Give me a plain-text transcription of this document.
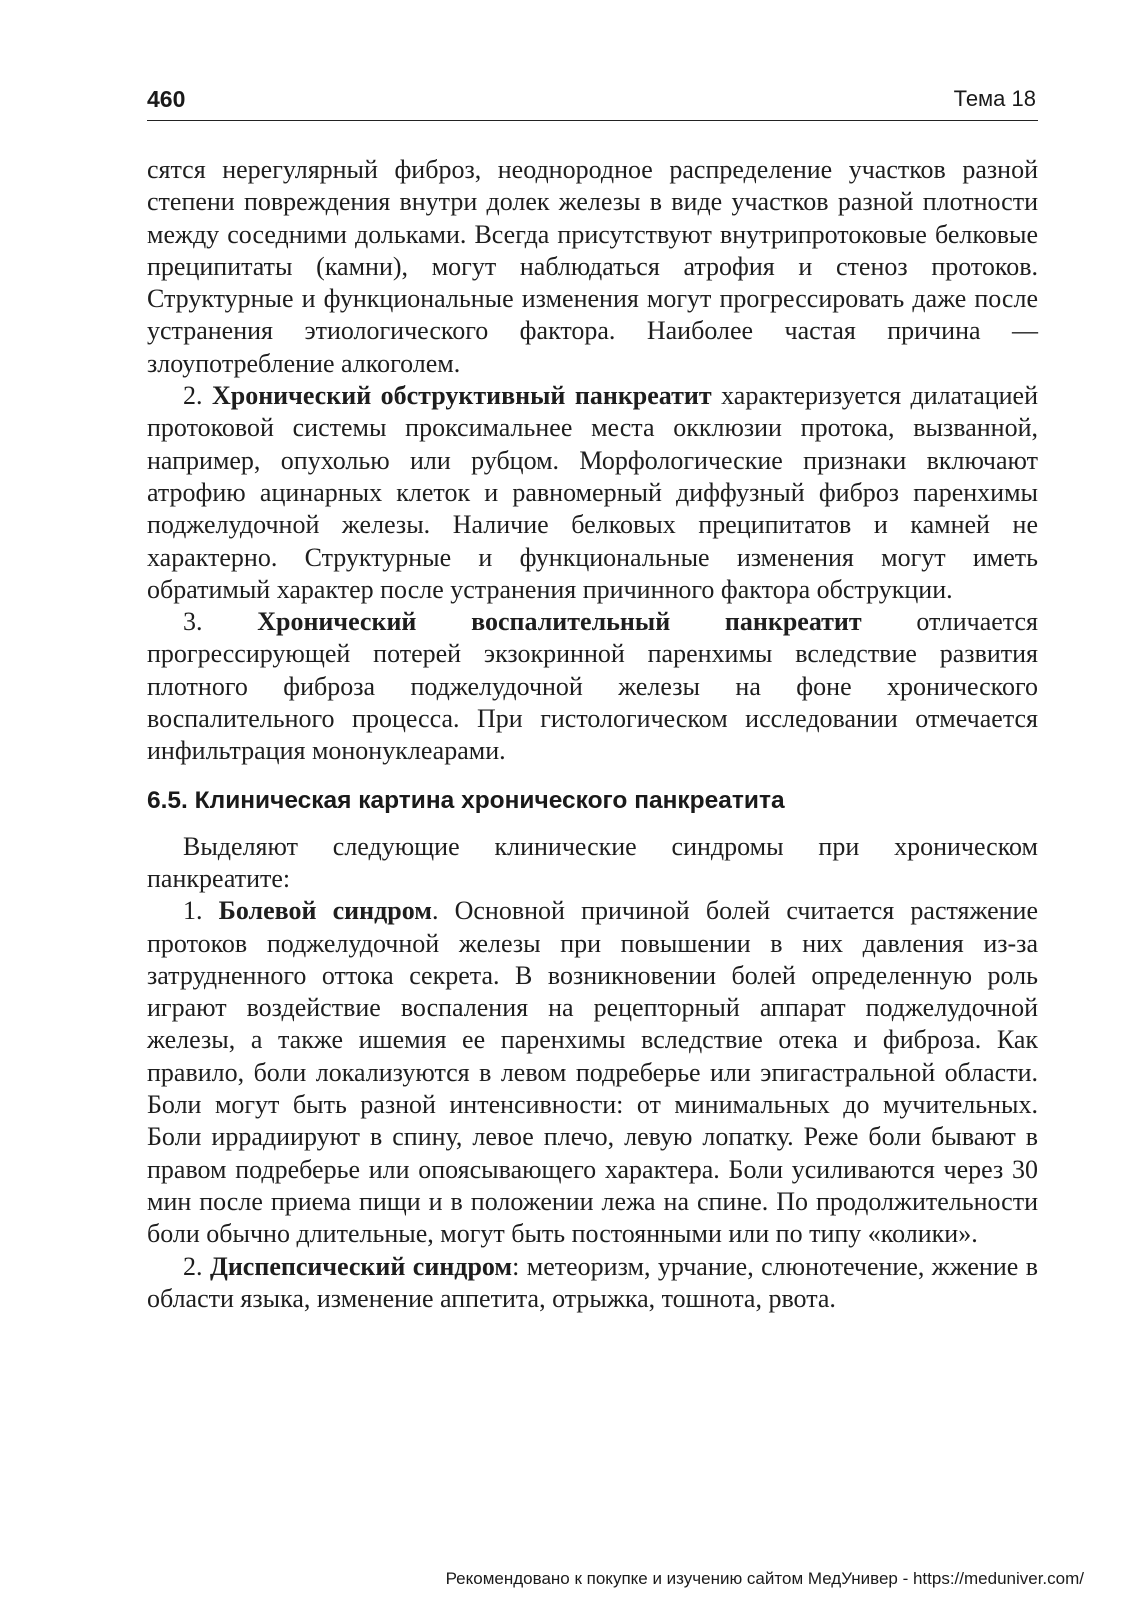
460	Тема 18

сятся нерегулярный фиброз, неоднородное распределение участков разной степени повреждения внутри долек железы в виде участков разной плотности между соседними дольками. Всегда присутствуют внутрипротоковые белковые преципитаты (камни), могут наблюдаться атрофия и стеноз протоков. Структурные и функциональные изменения могут прогрессировать даже после устранения этиологического фактора. Наиболее частая причина — злоупотребление алкоголем.

2. Хронический обструктивный панкреатит характеризуется дилатацией протоковой системы проксимальнее места окклюзии протока, вызванной, например, опухолью или рубцом. Морфологические признаки включают атрофию ацинарных клеток и равномерный диффузный фиброз паренхимы поджелудочной железы. Наличие белковых преципитатов и камней не характерно. Структурные и функциональные изменения могут иметь обратимый характер после устранения причинного фактора обструкции.

3. Хронический воспалительный панкреатит отличается прогрессирующей потерей экзокринной паренхимы вследствие развития плотного фиброза поджелудочной железы на фоне хронического воспалительного процесса. При гистологическом исследовании отмечается инфильтрация мононуклеарами.

6.5. Клиническая картина хронического панкреатита

Выделяют следующие клинические синдромы при хроническом панкреатите:

1. Болевой синдром. Основной причиной болей считается растяжение протоков поджелудочной железы при повышении в них давления из-за затрудненного оттока секрета. В возникновении болей определенную роль играют воздействие воспаления на рецепторный аппарат поджелудочной железы, а также ишемия ее паренхимы вследствие отека и фиброза. Как правило, боли локализуются в левом подреберье или эпигастральной области. Боли могут быть разной интенсивности: от минимальных до мучительных. Боли иррадиируют в спину, левое плечо, левую лопатку. Реже боли бывают в правом подреберье или опоясывающего характера. Боли усиливаются через 30 мин после приема пищи и в положении лежа на спине. По продолжительности боли обычно длительные, могут быть постоянными или по типу «колики».

2. Диспепсический синдром: метеоризм, урчание, слюнотечение, жжение в области языка, изменение аппетита, отрыжка, тошнота, рвота.

Рекомендовано к покупке и изучению сайтом МедУнивер - https://meduniver.com/
